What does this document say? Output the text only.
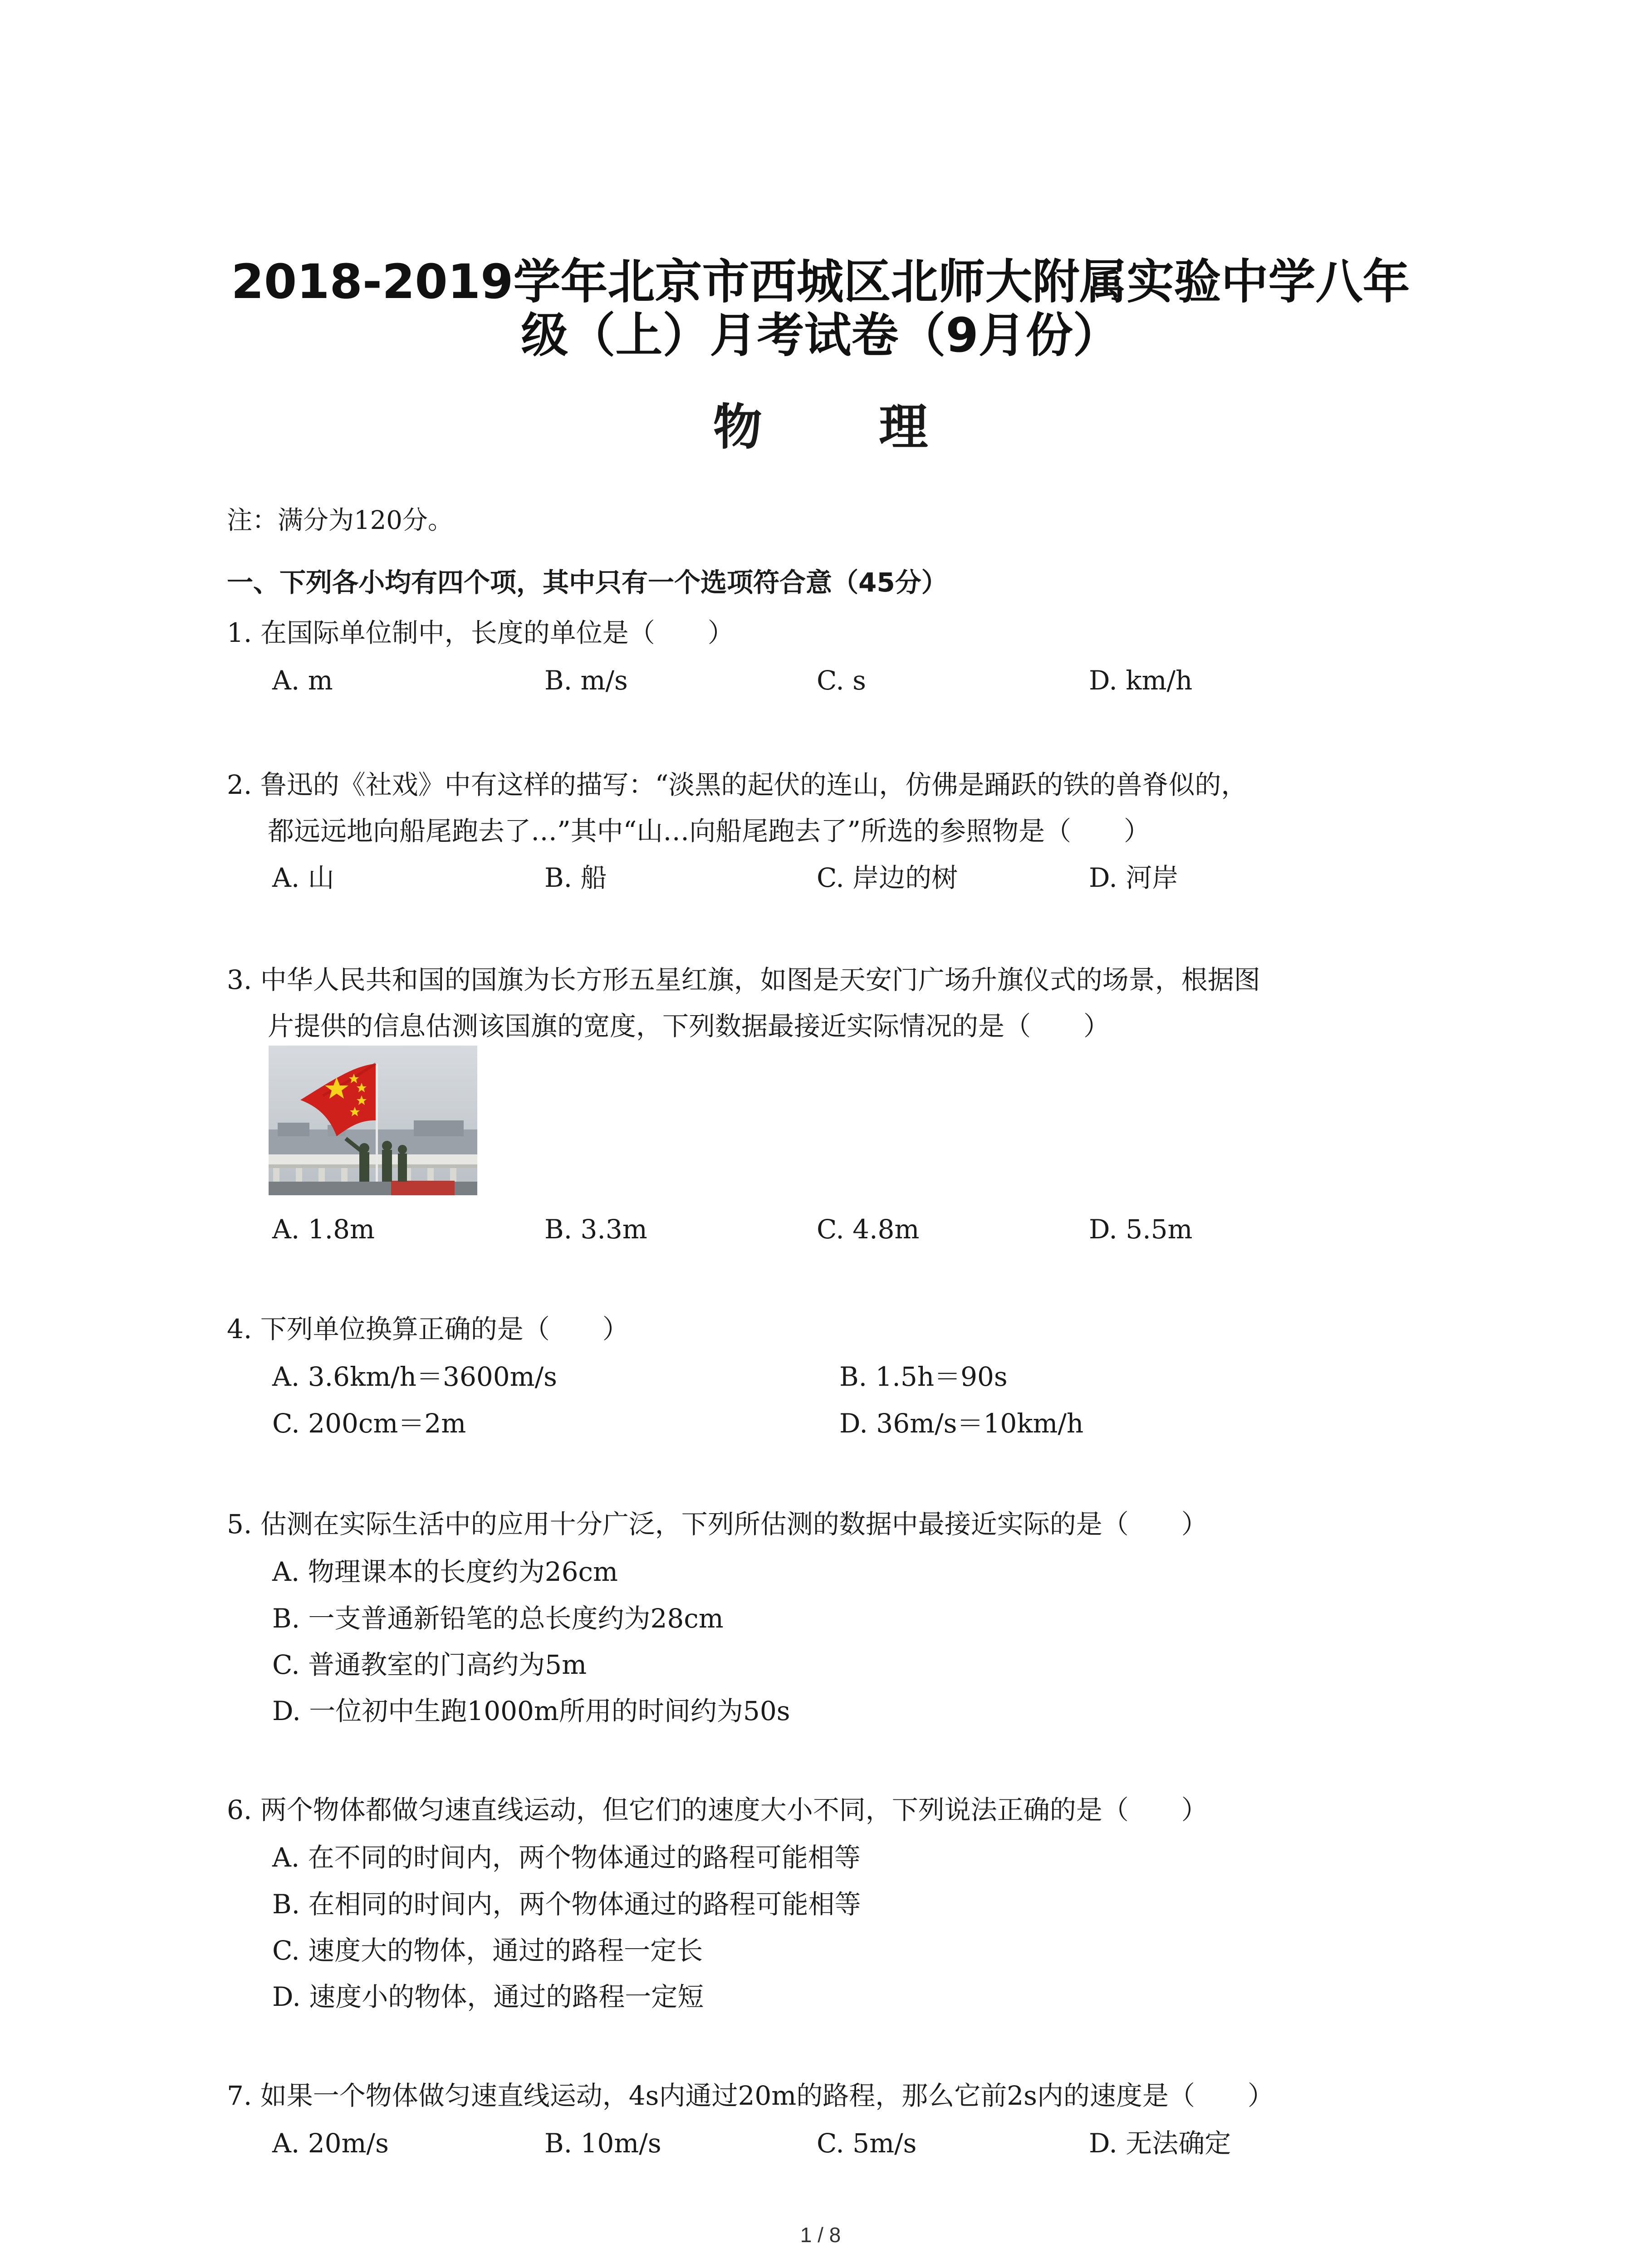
2018-2019学年北京市西城区北师大附属实验中学八年
级（上）月考试卷（9月份）
物 理
注：满分为120分。
一、下列各小均有四个项，其中只有一个选项符合意（45分）
1. 在国际单位制中，长度的单位是（　　）
A. m	B. m/s	C. s	D. km/h
2. 鲁迅的《社戏》中有这样的描写：“淡黑的起伏的连山，仿佛是踊跃的铁的兽脊似的，
都远远地向船尾跑去了…”其中“山…向船尾跑去了”所选的参照物是（　　）
A. 山	B. 船	C. 岸边的树	D. 河岸
3. 中华人民共和国的国旗为长方形五星红旗，如图是天安门广场升旗仪式的场景，根据图
片提供的信息估测该国旗的宽度，下列数据最接近实际情况的是（　　）
A. 1.8m	B. 3.3m	C. 4.8m	D. 5.5m
4. 下列单位换算正确的是（　　）
A. 3.6km/h＝3600m/s	B. 1.5h＝90s
C. 200cm＝2m	D. 36m/s＝10km/h
5. 估测在实际生活中的应用十分广泛，下列所估测的数据中最接近实际的是（　　）
A. 物理课本的长度约为26cm
B. 一支普通新铅笔的总长度约为28cm
C. 普通教室的门高约为5m
D. 一位初中生跑1000m所用的时间约为50s
6. 两个物体都做匀速直线运动，但它们的速度大小不同，下列说法正确的是（　　）
A. 在不同的时间内，两个物体通过的路程可能相等
B. 在相同的时间内，两个物体通过的路程可能相等
C. 速度大的物体，通过的路程一定长
D. 速度小的物体，通过的路程一定短
7. 如果一个物体做匀速直线运动，4s内通过20m的路程，那么它前2s内的速度是（　　）
A. 20m/s	B. 10m/s	C. 5m/s	D. 无法确定
1 / 8
